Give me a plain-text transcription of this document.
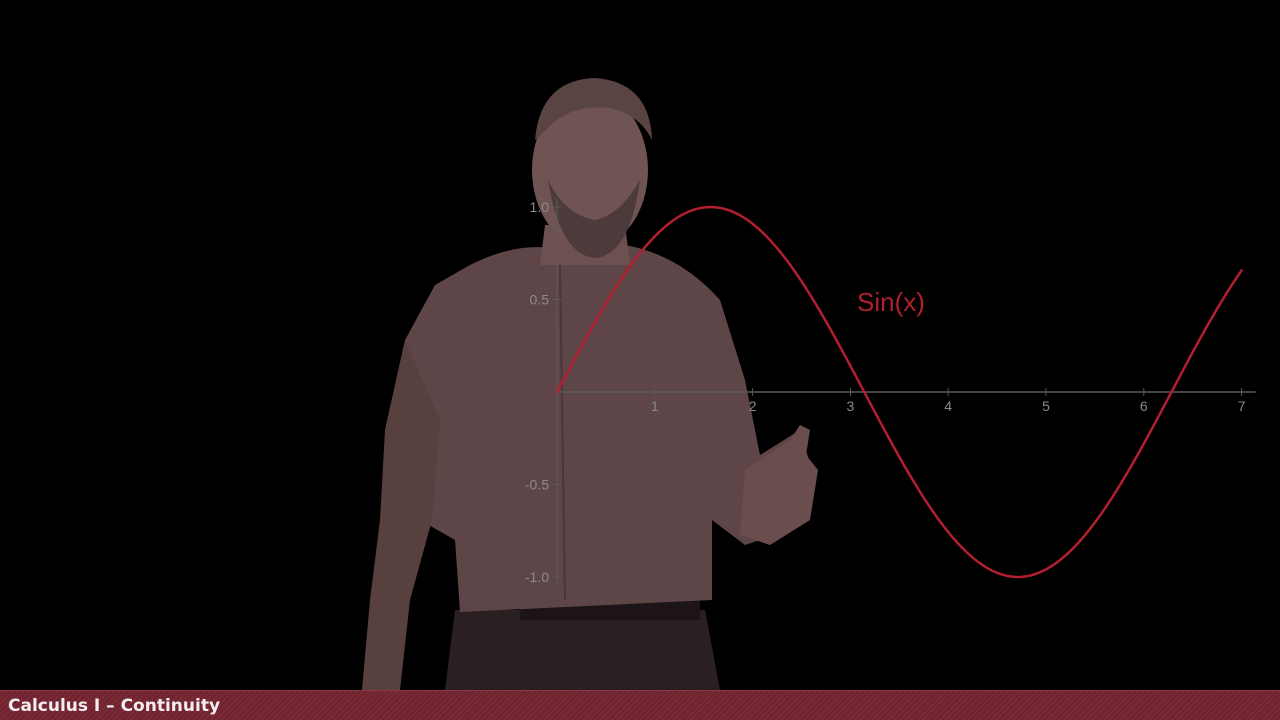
1	2	3	4	5	6	7
1.0
0.5
-0.5
-1.0
Sin(x)
Calculus I – Continuity
